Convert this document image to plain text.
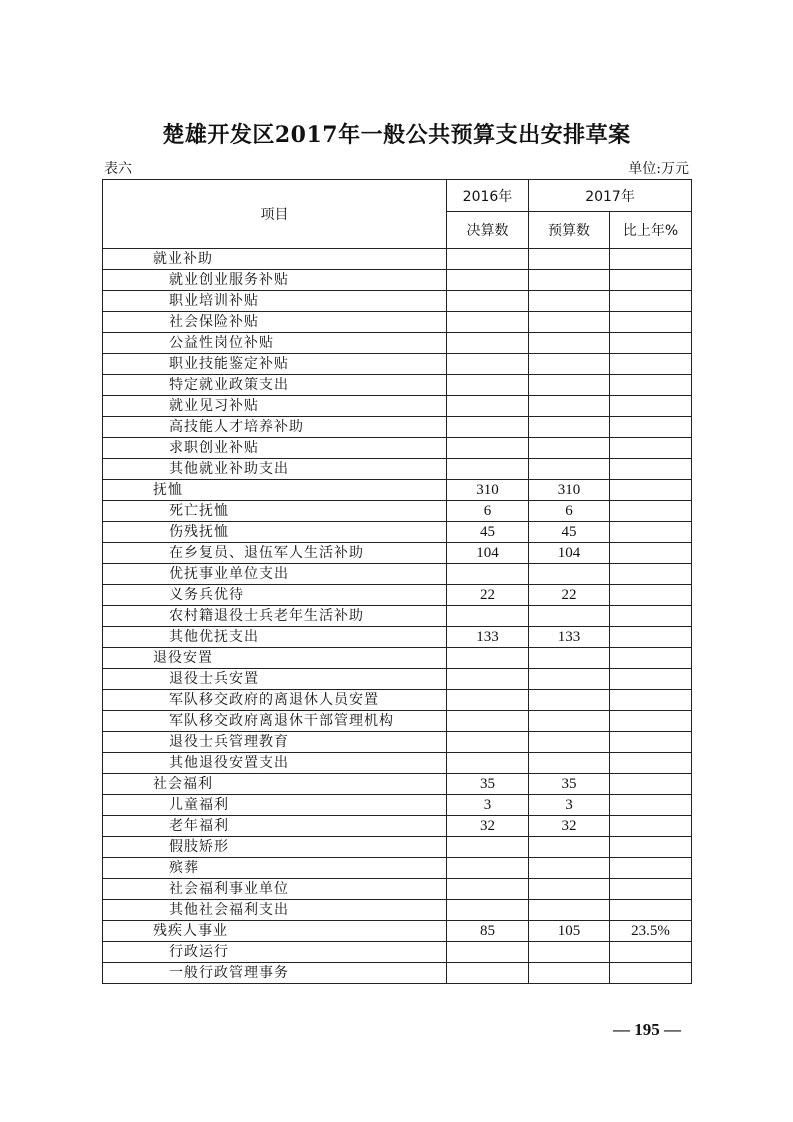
楚雄开发区2017年一般公共预算支出安排草案
表六	单位:万元
项目	2016年	2017年	
	决算数	预算数	比上年%
就业补助			
就业创业服务补贴			
职业培训补贴			
社会保险补贴			
公益性岗位补贴			
职业技能鉴定补贴			
特定就业政策支出			
就业见习补贴			
高技能人才培养补助			
求职创业补贴			
其他就业补助支出			
抚恤	310	310	
死亡抚恤	6	6	
伤残抚恤	45	45	
在乡复员、退伍军人生活补助	104	104	
优抚事业单位支出			
义务兵优待	22	22	
农村籍退役士兵老年生活补助			
其他优抚支出	133	133	
退役安置			
退役士兵安置			
军队移交政府的离退休人员安置			
军队移交政府离退休干部管理机构			
退役士兵管理教育			
其他退役安置支出			
社会福利	35	35	
儿童福利	3	3	
老年福利	32	32	
假肢矫形			
殡葬			
社会福利事业单位			
其他社会福利支出			
残疾人事业	85	105	23.5%
行政运行			
一般行政管理事务			
— 195 —
